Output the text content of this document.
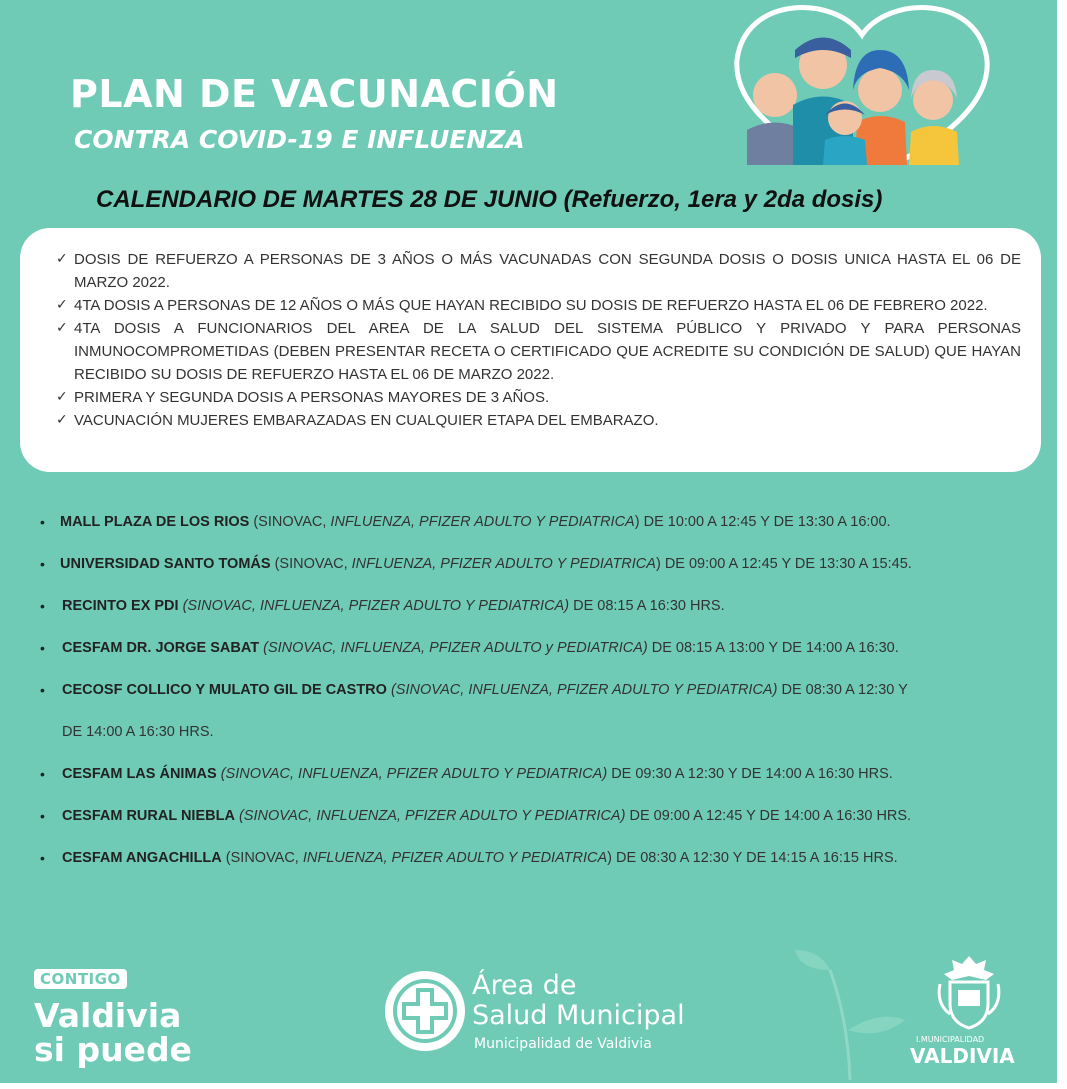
PLAN DE VACUNACIÓN
CONTRA COVID-19 E INFLUENZA
CALENDARIO DE MARTES 28 DE JUNIO (Refuerzo, 1era y 2da dosis)
✓ DOSIS DE REFUERZO A PERSONAS DE 3 AÑOS O MÁS VACUNADAS CON SEGUNDA DOSIS O DOSIS UNICA HASTA EL 06 DE MARZO 2022.
✓ 4TA DOSIS A PERSONAS DE 12 AÑOS O MÁS QUE HAYAN RECIBIDO SU DOSIS DE REFUERZO HASTA EL 06 DE FEBRERO 2022.
✓ 4TA DOSIS A FUNCIONARIOS DEL AREA DE LA SALUD DEL SISTEMA PÚBLICO Y PRIVADO Y PARA PERSONAS INMUNOCOMPROMETIDAS (DEBEN PRESENTAR RECETA O CERTIFICADO QUE ACREDITE SU CONDICIÓN DE SALUD) QUE HAYAN RECIBIDO SU DOSIS DE REFUERZO HASTA EL 06 DE MARZO 2022.
✓ PRIMERA Y SEGUNDA DOSIS A PERSONAS MAYORES DE 3 AÑOS.
✓ VACUNACIÓN MUJERES EMBARAZADAS EN CUALQUIER ETAPA DEL EMBARAZO.
• MALL PLAZA DE LOS RIOS (SINOVAC, INFLUENZA, PFIZER ADULTO Y PEDIATRICA) DE 10:00 A 12:45 Y DE 13:30 A 16:00.
• UNIVERSIDAD SANTO TOMÁS (SINOVAC, INFLUENZA, PFIZER ADULTO Y PEDIATRICA) DE 09:00 A 12:45 Y DE 13:30 A 15:45.
• RECINTO EX PDI (SINOVAC, INFLUENZA, PFIZER ADULTO Y PEDIATRICA) DE 08:15 A 16:30 HRS.
• CESFAM DR. JORGE SABAT (SINOVAC, INFLUENZA, PFIZER ADULTO y PEDIATRICA) DE 08:15 A 13:00 Y DE 14:00 A 16:30.
• CECOSF COLLICO Y MULATO GIL DE CASTRO (SINOVAC, INFLUENZA, PFIZER ADULTO Y PEDIATRICA) DE 08:30 A 12:30 Y
DE 14:00 A 16:30 HRS.
• CESFAM LAS ÁNIMAS (SINOVAC, INFLUENZA, PFIZER ADULTO Y PEDIATRICA) DE 09:30 A 12:30 Y DE 14:00 A 16:30 HRS.
• CESFAM RURAL NIEBLA (SINOVAC, INFLUENZA, PFIZER ADULTO Y PEDIATRICA) DE 09:00 A 12:45 Y DE 14:00 A 16:30 HRS.
• CESFAM ANGACHILLA (SINOVAC, INFLUENZA, PFIZER ADULTO Y PEDIATRICA) DE 08:30 A 12:30 Y DE 14:15 A 16:15 HRS.
CONTIGO
Valdivia
si puede
Área de
Salud Municipal
Municipalidad de Valdivia	I.MUNICIPALIDAD
VALDIVIA
